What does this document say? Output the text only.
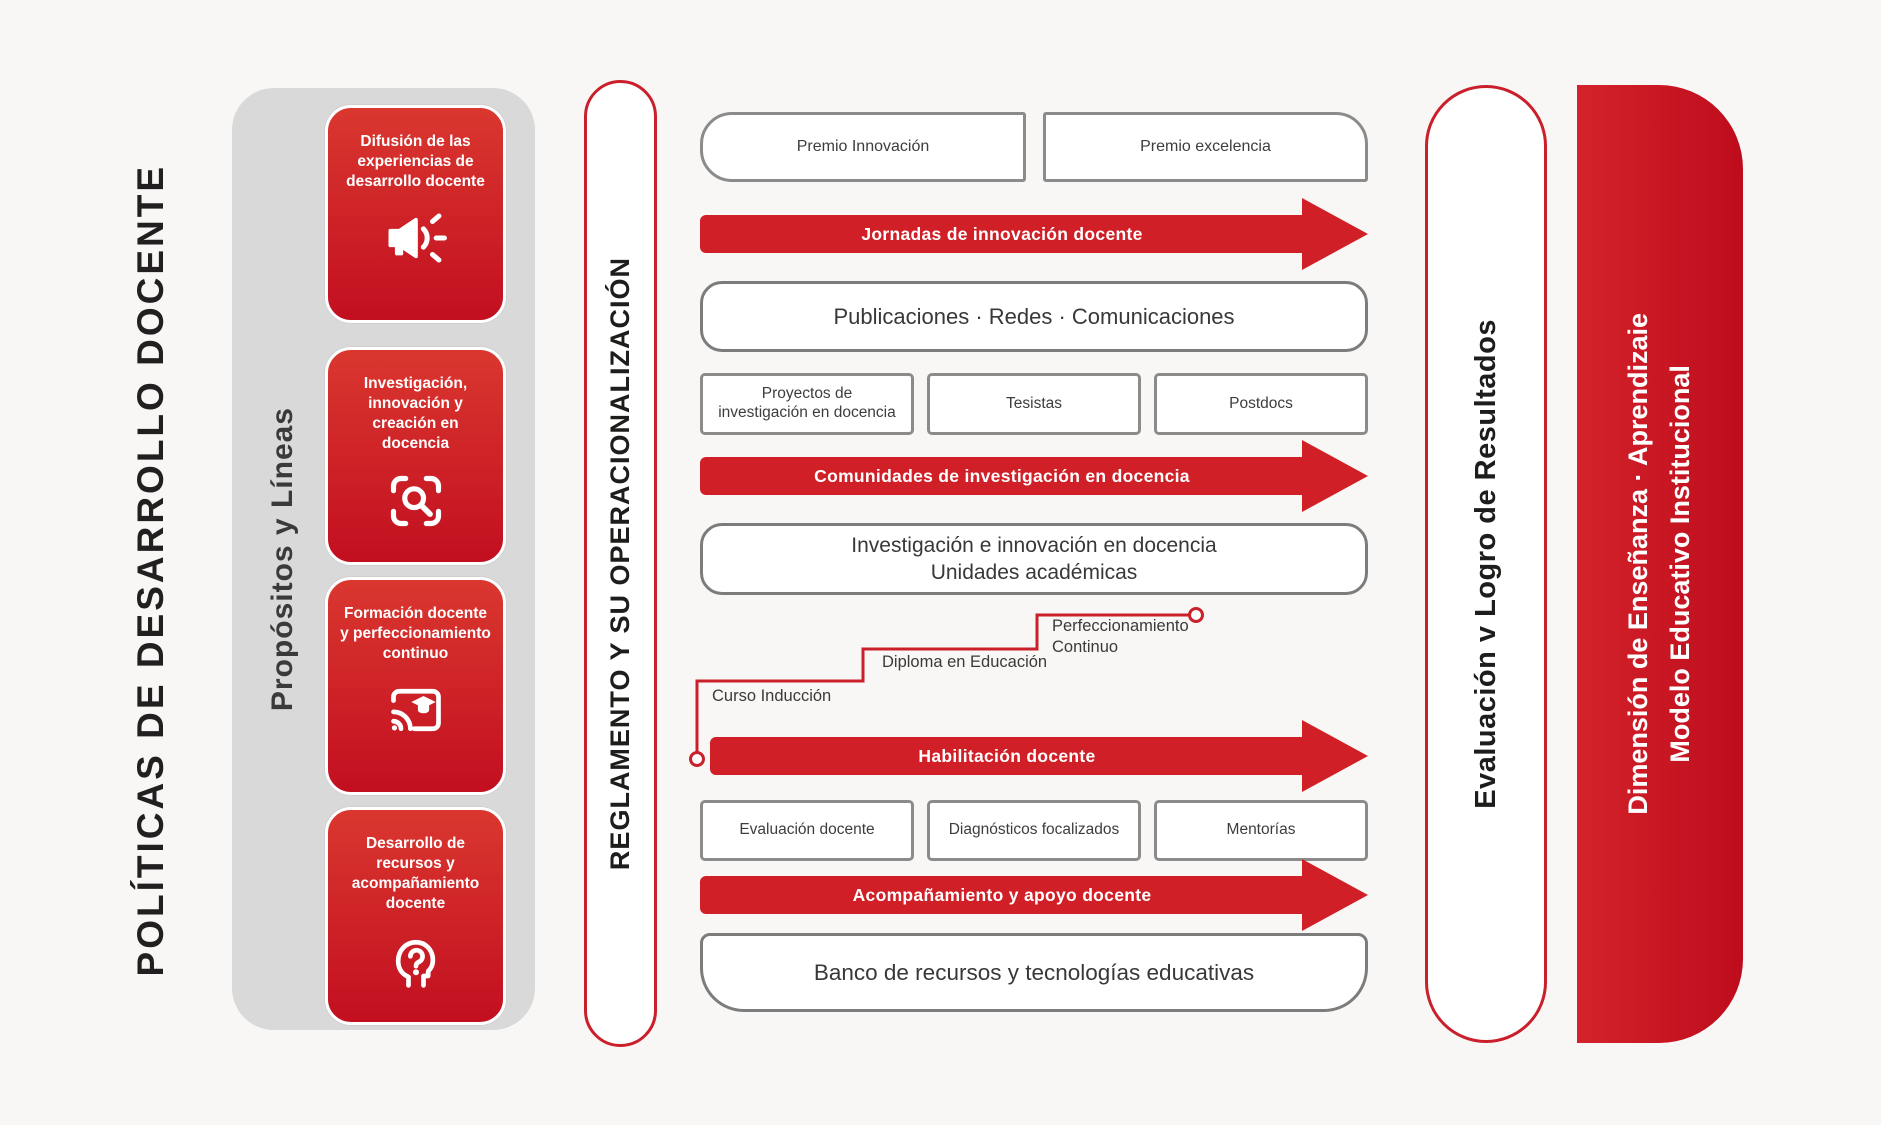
POLÍTICAS DE DESARROLLO DOCENTE	Propósitos y Líneas
Difusión de las experiencias de desarrollo docente
Investigación, innovación y creación en docencia
Formación docente y perfeccionamiento continuo
Desarrollo de recursos y acompañamiento docente
REGLAMENTO Y SU OPERACIONALIZACIÓN
Premio Innovación	Premio excelencia
Jornadas de innovación docente
Publicaciones · Redes · Comunicaciones
Proyectos de investigación en docencia
Tesistas	Postdocs
Comunidades de investigación en docencia
Investigación e innovación en docencia
Unidades académicas
Curso Inducción
Diploma en Educación
Perfeccionamiento Continuo
Habilitación docente
Evaluación docente	Diagnósticos focalizados	Mentorías
Acompañamiento y apoyo docente
Banco de recursos y tecnologías educativas
Evaluación v Logro de Resultados	Dimensión de Enseñanza · Aprendizaie Modelo Educativo Institucional
